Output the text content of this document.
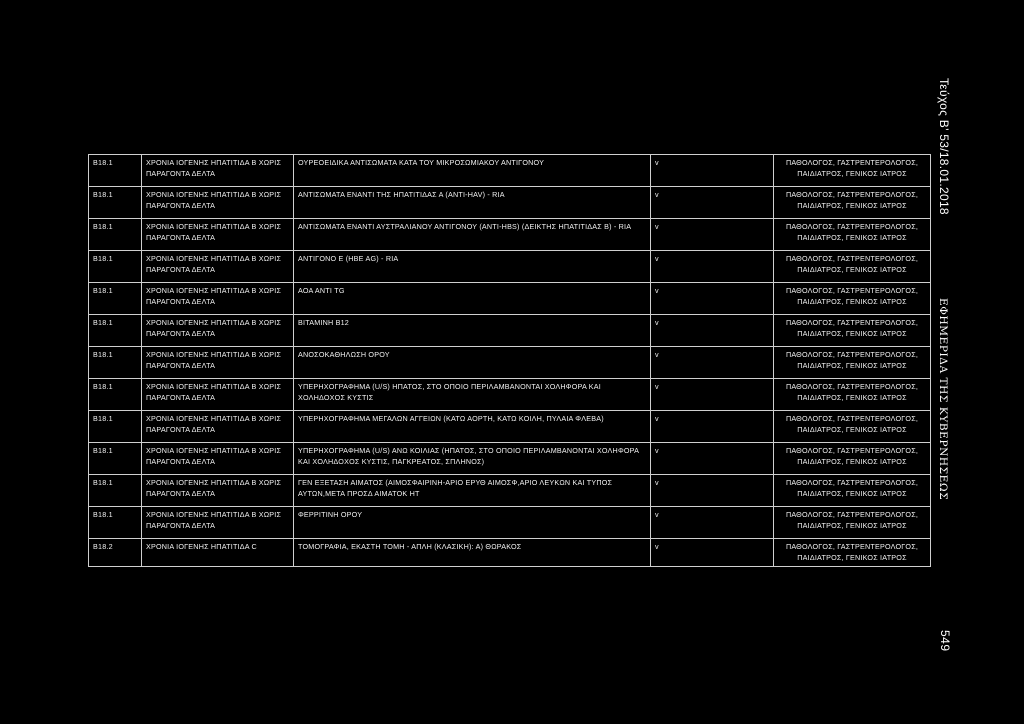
B18.1	ΧΡΟΝΙΑ ΙΟΓΕΝΗΣ ΗΠΑΤΙΤΙΔΑ Β ΧΩΡΙΣ ΠΑΡΑΓΟΝΤΑ ΔΕΛΤΑ	ΟΥΡΕΟΕΙΔΙΚΑ ΑΝΤΙΣΩΜΑΤΑ ΚΑΤΑ ΤΟΥ ΜΙΚΡΟΣΩΜΙΑΚΟΥ ΑΝΤΙΓΟΝΟΥ	v	ΠΑΘΟΛΟΓΟΣ, ΓΑΣΤΡΕΝΤΕΡΟΛΟΓΟΣ, ΠΑΙΔΙΑΤΡΟΣ, ΓΕΝΙΚΟΣ ΙΑΤΡΟΣ
B18.1	ΧΡΟΝΙΑ ΙΟΓΕΝΗΣ ΗΠΑΤΙΤΙΔΑ Β ΧΩΡΙΣ ΠΑΡΑΓΟΝΤΑ ΔΕΛΤΑ	ΑΝΤΙΣΩΜΑΤΑ ΕΝΑΝΤΙ ΤΗΣ ΗΠΑΤΙΤΙΔΑΣ Α (ΑΝΤΙ-HAV) - RIA	v	ΠΑΘΟΛΟΓΟΣ, ΓΑΣΤΡΕΝΤΕΡΟΛΟΓΟΣ, ΠΑΙΔΙΑΤΡΟΣ, ΓΕΝΙΚΟΣ ΙΑΤΡΟΣ
B18.1	ΧΡΟΝΙΑ ΙΟΓΕΝΗΣ ΗΠΑΤΙΤΙΔΑ Β ΧΩΡΙΣ ΠΑΡΑΓΟΝΤΑ ΔΕΛΤΑ	ΑΝΤΙΣΩΜΑΤΑ ΕΝΑΝΤΙ ΑΥΣΤΡΑΛΙΑΝΟΥ ΑΝΤΙΓΟΝΟΥ (ΑΝΤΙ-HBS) (ΔΕΙΚΤΗΣ ΗΠΑΤΙΤΙΔΑΣ Β) - RIA	v	ΠΑΘΟΛΟΓΟΣ, ΓΑΣΤΡΕΝΤΕΡΟΛΟΓΟΣ, ΠΑΙΔΙΑΤΡΟΣ, ΓΕΝΙΚΟΣ ΙΑΤΡΟΣ
B18.1	ΧΡΟΝΙΑ ΙΟΓΕΝΗΣ ΗΠΑΤΙΤΙΔΑ Β ΧΩΡΙΣ ΠΑΡΑΓΟΝΤΑ ΔΕΛΤΑ	ΑΝΤΙΓΟΝΟ Ε (HBE AG) - RIA	v	ΠΑΘΟΛΟΓΟΣ, ΓΑΣΤΡΕΝΤΕΡΟΛΟΓΟΣ, ΠΑΙΔΙΑΤΡΟΣ, ΓΕΝΙΚΟΣ ΙΑΤΡΟΣ
B18.1	ΧΡΟΝΙΑ ΙΟΓΕΝΗΣ ΗΠΑΤΙΤΙΔΑ Β ΧΩΡΙΣ ΠΑΡΑΓΟΝΤΑ ΔΕΛΤΑ	ΑΟΑ ΑΝΤΙ TG	v	ΠΑΘΟΛΟΓΟΣ, ΓΑΣΤΡΕΝΤΕΡΟΛΟΓΟΣ, ΠΑΙΔΙΑΤΡΟΣ, ΓΕΝΙΚΟΣ ΙΑΤΡΟΣ
B18.1	ΧΡΟΝΙΑ ΙΟΓΕΝΗΣ ΗΠΑΤΙΤΙΔΑ Β ΧΩΡΙΣ ΠΑΡΑΓΟΝΤΑ ΔΕΛΤΑ	ΒΙΤΑΜΙΝΗ Β12	v	ΠΑΘΟΛΟΓΟΣ, ΓΑΣΤΡΕΝΤΕΡΟΛΟΓΟΣ, ΠΑΙΔΙΑΤΡΟΣ, ΓΕΝΙΚΟΣ ΙΑΤΡΟΣ
B18.1	ΧΡΟΝΙΑ ΙΟΓΕΝΗΣ ΗΠΑΤΙΤΙΔΑ Β ΧΩΡΙΣ ΠΑΡΑΓΟΝΤΑ ΔΕΛΤΑ	ΑΝΟΣΟΚΑΘΗΛΩΣΗ ΟΡΟΥ	v	ΠΑΘΟΛΟΓΟΣ, ΓΑΣΤΡΕΝΤΕΡΟΛΟΓΟΣ, ΠΑΙΔΙΑΤΡΟΣ, ΓΕΝΙΚΟΣ ΙΑΤΡΟΣ
B18.1	ΧΡΟΝΙΑ ΙΟΓΕΝΗΣ ΗΠΑΤΙΤΙΔΑ Β ΧΩΡΙΣ ΠΑΡΑΓΟΝΤΑ ΔΕΛΤΑ	ΥΠΕΡΗΧΟΓΡΑΦΗΜΑ (U/S) ΗΠΑΤΟΣ, ΣΤΟ ΟΠΟΙΟ ΠΕΡΙΛΑΜΒΑΝΟΝΤΑΙ ΧΟΛΗΦΟΡΑ ΚΑΙ ΧΟΛΗΔΟΧΟΣ ΚΥΣΤΙΣ	v	ΠΑΘΟΛΟΓΟΣ, ΓΑΣΤΡΕΝΤΕΡΟΛΟΓΟΣ, ΠΑΙΔΙΑΤΡΟΣ, ΓΕΝΙΚΟΣ ΙΑΤΡΟΣ
B18.1	ΧΡΟΝΙΑ ΙΟΓΕΝΗΣ ΗΠΑΤΙΤΙΔΑ Β ΧΩΡΙΣ ΠΑΡΑΓΟΝΤΑ ΔΕΛΤΑ	ΥΠΕΡΗΧΟΓΡΑΦΗΜΑ ΜΕΓΑΛΩΝ ΑΓΓΕΙΩΝ (ΚΑΤΩ ΑΟΡΤΗ, ΚΑΤΩ ΚΟΙΛΗ, ΠΥΛΑΙΑ ΦΛΕΒΑ)	v	ΠΑΘΟΛΟΓΟΣ, ΓΑΣΤΡΕΝΤΕΡΟΛΟΓΟΣ, ΠΑΙΔΙΑΤΡΟΣ, ΓΕΝΙΚΟΣ ΙΑΤΡΟΣ
B18.1	ΧΡΟΝΙΑ ΙΟΓΕΝΗΣ ΗΠΑΤΙΤΙΔΑ Β ΧΩΡΙΣ ΠΑΡΑΓΟΝΤΑ ΔΕΛΤΑ	ΥΠΕΡΗΧΟΓΡΑΦΗΜΑ (U/S) ΑΝΩ ΚΟΙΛΙΑΣ (ΗΠΑΤΟΣ, ΣΤΟ ΟΠΟΙΟ ΠΕΡΙΛΑΜΒΑΝΟΝΤΑΙ ΧΟΛΗΦΟΡΑ ΚΑΙ ΧΟΛΗΔΟΧΟΣ ΚΥΣΤΙΣ, ΠΑΓΚΡΕΑΤΟΣ, ΣΠΛΗΝΟΣ)	v	ΠΑΘΟΛΟΓΟΣ, ΓΑΣΤΡΕΝΤΕΡΟΛΟΓΟΣ, ΠΑΙΔΙΑΤΡΟΣ, ΓΕΝΙΚΟΣ ΙΑΤΡΟΣ
B18.1	ΧΡΟΝΙΑ ΙΟΓΕΝΗΣ ΗΠΑΤΙΤΙΔΑ Β ΧΩΡΙΣ ΠΑΡΑΓΟΝΤΑ ΔΕΛΤΑ	ΓΕΝ ΕΞΕΤΑΣΗ ΑΙΜΑΤΟΣ (ΑΙΜΟΣΦΑΙΡΙΝΗ-ΑΡΙΟ ΕΡΥΘ ΑΙΜΟΣΦ,ΑΡΙΟ ΛΕΥΚΩΝ ΚΑΙ ΤΥΠΟΣ ΑΥΤΩΝ,ΜΕΤΑ ΠΡΟΣΔ ΑΙΜΑΤΟΚ ΗΤ	v	ΠΑΘΟΛΟΓΟΣ, ΓΑΣΤΡΕΝΤΕΡΟΛΟΓΟΣ, ΠΑΙΔΙΑΤΡΟΣ, ΓΕΝΙΚΟΣ ΙΑΤΡΟΣ
B18.1	ΧΡΟΝΙΑ ΙΟΓΕΝΗΣ ΗΠΑΤΙΤΙΔΑ Β ΧΩΡΙΣ ΠΑΡΑΓΟΝΤΑ ΔΕΛΤΑ	ΦΕΡΡΙΤΙΝΗ ΟΡΟΥ	v	ΠΑΘΟΛΟΓΟΣ, ΓΑΣΤΡΕΝΤΕΡΟΛΟΓΟΣ, ΠΑΙΔΙΑΤΡΟΣ, ΓΕΝΙΚΟΣ ΙΑΤΡΟΣ
B18.2	ΧΡΟΝΙΑ ΙΟΓΕΝΗΣ ΗΠΑΤΙΤΙΔΑ C	ΤΟΜΟΓΡΑΦΙΑ, ΕΚΑΣΤΗ ΤΟΜΗ - ΑΠΛΗ (ΚΛΑΣΙΚΗ): Α) ΘΩΡΑΚΟΣ	v	ΠΑΘΟΛΟΓΟΣ, ΓΑΣΤΡΕΝΤΕΡΟΛΟΓΟΣ, ΠΑΙΔΙΑΤΡΟΣ, ΓΕΝΙΚΟΣ ΙΑΤΡΟΣ
Τεύχος Β’ 53/18.01.2018
ΕΦΗΜΕΡΙΔΑ ΤΗΣ ΚΥΒΕΡΝΗΣΕΩΣ
549
